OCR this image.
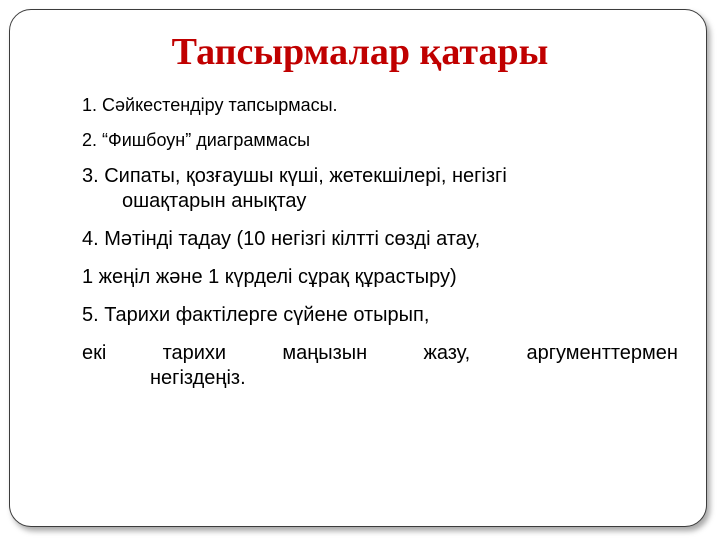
Тапсырмалар қатары
1. Сәйкестендіру тапсырмасы.
2. “Фишбоун” диаграммасы
3. Сипаты, қозғаушы күші, жетекшілері, негізгі
ошақтарын анықтау
4. Мәтінді тадау (10 негізгі кілтті сөзді атау,
1 жеңіл және 1 күрделі сұрақ құрастыру)
5. Тарихи фактілерге сүйене отырып,
екі	тарихи	маңызын	жазу,	аргументтермен
негіздеңіз.
